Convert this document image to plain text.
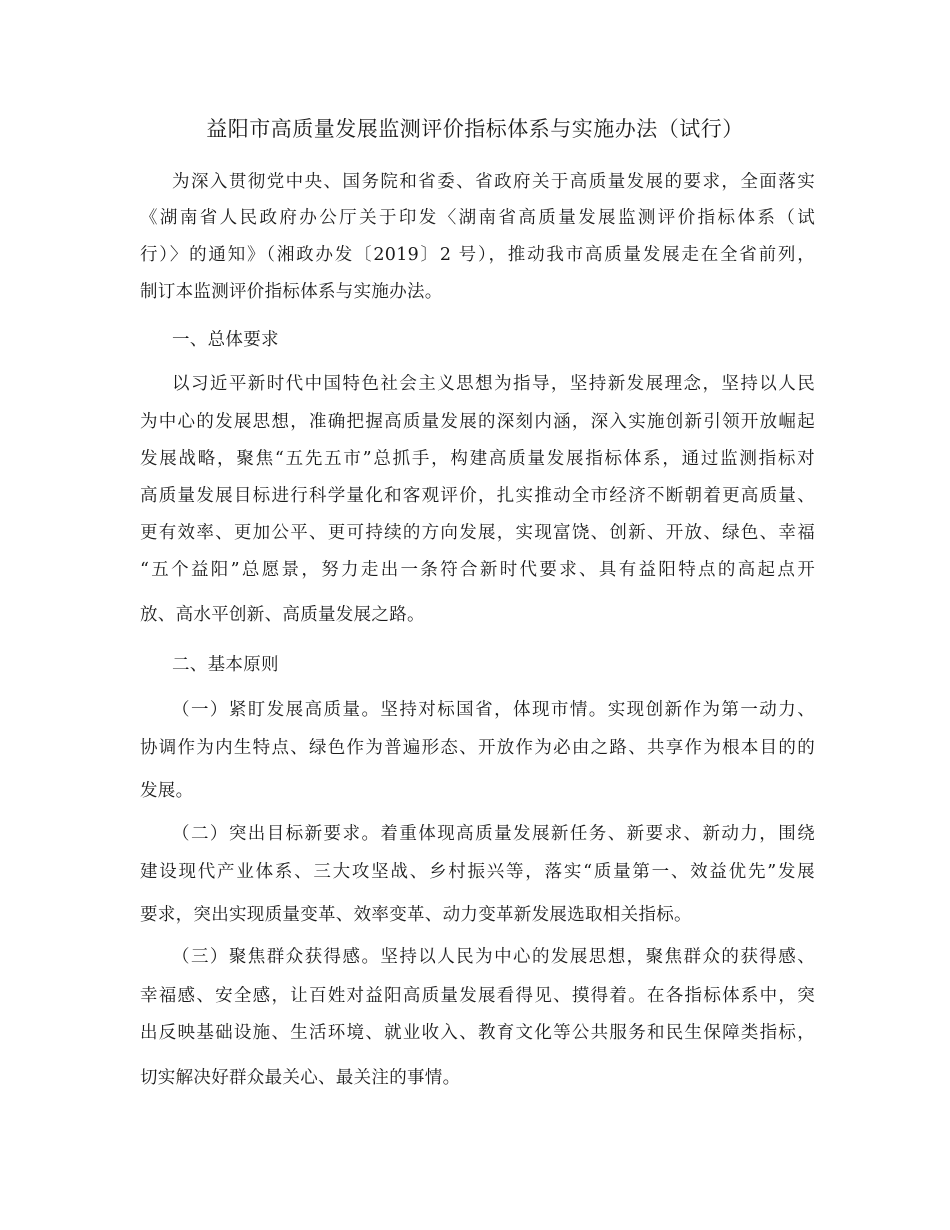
益阳市高质量发展监测评价指标体系与实施办法（试行）
为深入贯彻党中央、国务院和省委、省政府关于高质量发展的要求，全面落实
《湖南省人民政府办公厅关于印发〈湖南省高质量发展监测评价指标体系（试
行）〉的通知》（湘政办发〔2019〕2 号），推动我市高质量发展走在全省前列，
制订本监测评价指标体系与实施办法。
一、总体要求
以习近平新时代中国特色社会主义思想为指导，坚持新发展理念，坚持以人民
为中心的发展思想，准确把握高质量发展的深刻内涵，深入实施创新引领开放崛起
发展战略，聚焦“五先五市”总抓手，构建高质量发展指标体系，通过监测指标对
高质量发展目标进行科学量化和客观评价，扎实推动全市经济不断朝着更高质量、
更有效率、更加公平、更可持续的方向发展，实现富饶、创新、开放、绿色、幸福
“五个益阳”总愿景，努力走出一条符合新时代要求、具有益阳特点的高起点开
放、高水平创新、高质量发展之路。
二、基本原则
（一）紧盯发展高质量。坚持对标国省，体现市情。实现创新作为第一动力、
协调作为内生特点、绿色作为普遍形态、开放作为必由之路、共享作为根本目的的
发展。
（二）突出目标新要求。着重体现高质量发展新任务、新要求、新动力，围绕
建设现代产业体系、三大攻坚战、乡村振兴等，落实“质量第一、效益优先”发展
要求，突出实现质量变革、效率变革、动力变革新发展选取相关指标。
（三）聚焦群众获得感。坚持以人民为中心的发展思想，聚焦群众的获得感、
幸福感、安全感，让百姓对益阳高质量发展看得见、摸得着。在各指标体系中，突
出反映基础设施、生活环境、就业收入、教育文化等公共服务和民生保障类指标，
切实解决好群众最关心、最关注的事情。
